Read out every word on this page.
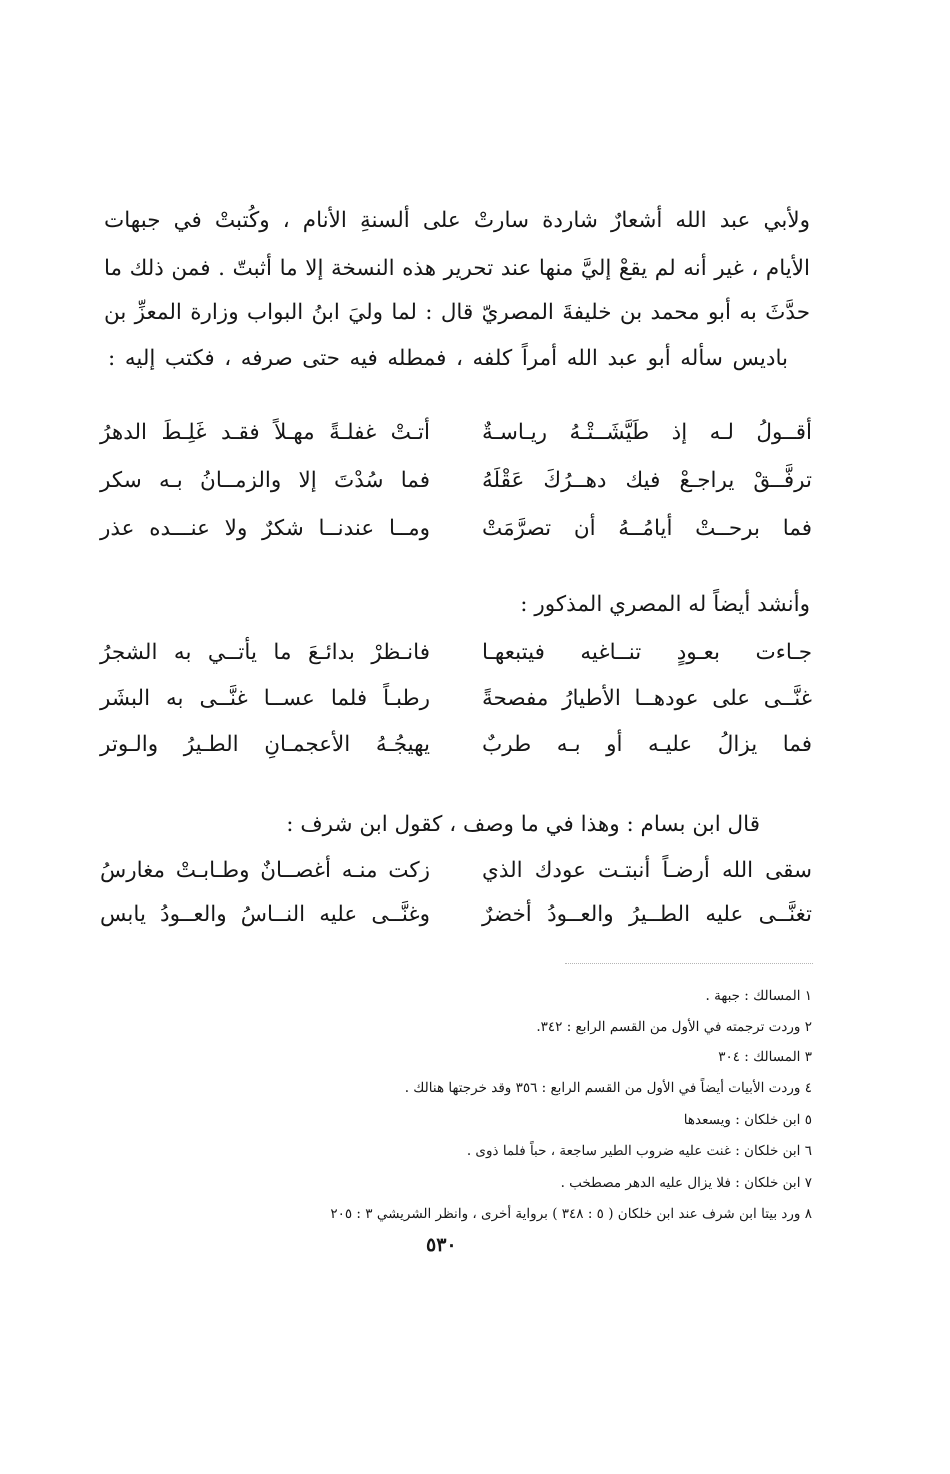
ولأبي عبد الله أشعارٌ شاردة سارتْ على ألسنةِ الأنام ، وكُتبتْ في جبهات
الأيام ، غير أنه لم يقعْ إليَّ منها عند تحرير هذه النسخة إلا ما أثبتّ . فمن ذلك ما
حدَّثَ به أبو محمد بن خليفةَ المصريّ قال : لما وليَ ابنُ البواب وزارة المعزِّ بن
باديس سأله أبو عبد الله أمراً كلفه ، فمطله فيه حتى صرفه ، فكتب إليه :
أقــولُ لـه إذ طَيَّشَــتْـهُ ريـاسـةٌ
أتـتْ غفلـةً مهـلاً فقـد غَلِـطَ الدهرُ
ترفَّــقْ يراجـعْ فيك دهــرُكَ عَقْلَهُ
فما سُدْتَ إلا والزمــانُ بـه سكر
فما برحــتْ أيامُــهُ أن تصرَّمَتْ
ومــا عندنــا شكرٌ ولا عنـــده عذر
وأنشد أيضاً له المصري المذكور :
جـاءت بعـودٍ تنــاغيه فيتبعهـا
فانـظرْ بدائـعَ ما يأتــي به الشجرُ
غنَّــى على عودهــا الأطيارُ مفصحةً
رطبـاً فلما عســا غنَّــى به البشَر
فما يزالُ عليـه أو بـه طربٌ
يهيجُـهُ الأعجمـانِ الطـيرُ والـوتر
قال ابن بسام : وهذا في ما وصف ، كقول ابن شرف :
سقى الله أرضـاً أنبتـت عودك الذي
زكت منـه أغصــانٌ وطـابـتْ مغارسُ
تغنَّــى عليه الطــيرُ والعــودُ أخضرٌ
وغنَّــى عليه النــاسُ والعــودُ يابس
١ المسالك : جبهة .
٢ وردت ترجمته في الأول من القسم الرابع : ٣٤٢.
٣ المسالك : ٣٠٤
٤ وردت الأبيات أيضاً في الأول من القسم الرابع : ٣٥٦ وقد خرجتها هنالك .
٥ ابن خلكان : ويسعدها
٦ ابن خلكان : غنت عليه ضروب الطير ساجعة ، حباً فلما ذوى .
٧ ابن خلكان : فلا يزال عليه الدهر مصطخب .
٨ ورد بيتا ابن شرف عند ابن خلكان ( ٥ : ٣٤٨ ) برواية أخرى ، وانظر الشريشي ٣ : ٢٠٥
٥٣٠
